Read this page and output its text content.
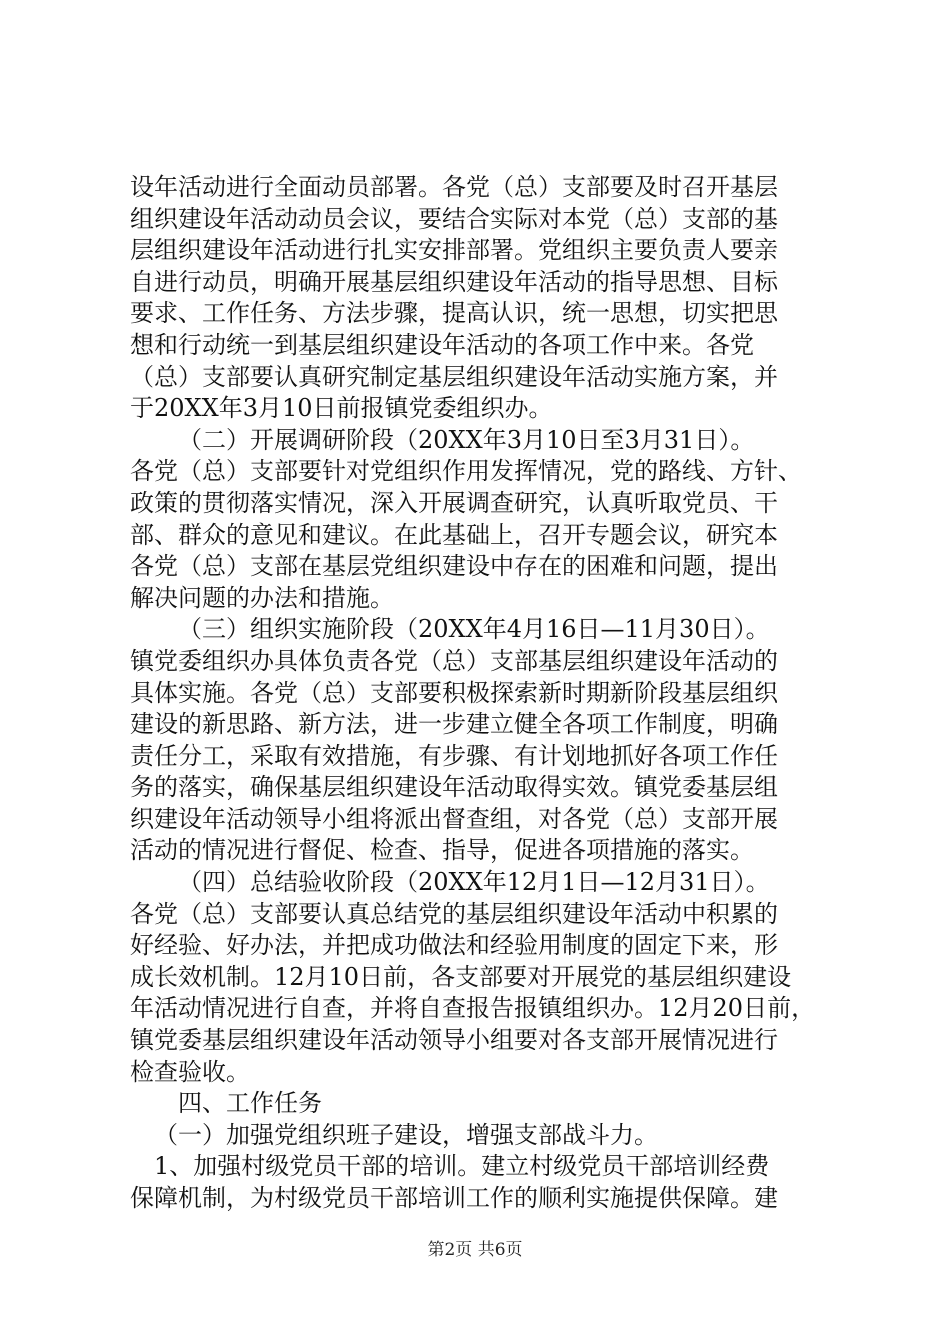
设年活动进行全面动员部署。各党（总）支部要及时召开基层
组织建设年活动动员会议，要结合实际对本党（总）支部的基
层组织建设年活动进行扎实安排部署。党组织主要负责人要亲
自进行动员，明确开展基层组织建设年活动的指导思想、目标
要求、工作任务、方法步骤，提高认识，统一思想，切实把思
想和行动统一到基层组织建设年活动的各项工作中来。各党
（总）支部要认真研究制定基层组织建设年活动实施方案，并
于20XX年3月10日前报镇党委组织办。
（二）开展调研阶段（20XX年3月10日至3月31日）。
各党（总）支部要针对党组织作用发挥情况，党的路线、方针、
政策的贯彻落实情况，深入开展调查研究，认真听取党员、干
部、群众的意见和建议。在此基础上，召开专题会议，研究本
各党（总）支部在基层党组织建设中存在的困难和问题，提出
解决问题的办法和措施。
（三）组织实施阶段（20XX年4月16日—11月30日）。
镇党委组织办具体负责各党（总）支部基层组织建设年活动的
具体实施。各党（总）支部要积极探索新时期新阶段基层组织
建设的新思路、新方法，进一步建立健全各项工作制度，明确
责任分工，采取有效措施，有步骤、有计划地抓好各项工作任
务的落实，确保基层组织建设年活动取得实效。镇党委基层组
织建设年活动领导小组将派出督查组，对各党（总）支部开展
活动的情况进行督促、检查、指导，促进各项措施的落实。
（四）总结验收阶段（20XX年12月1日—12月31日）。
各党（总）支部要认真总结党的基层组织建设年活动中积累的
好经验、好办法，并把成功做法和经验用制度的固定下来，形
成长效机制。12月10日前，各支部要对开展党的基层组织建设
年活动情况进行自查，并将自查报告报镇组织办。12月20日前，
镇党委基层组织建设年活动领导小组要对各支部开展情况进行
检查验收。
四、工作任务
（一）加强党组织班子建设，增强支部战斗力。
1、加强村级党员干部的培训。建立村级党员干部培训经费
保障机制，为村级党员干部培训工作的顺利实施提供保障。建
第2页 共6页
